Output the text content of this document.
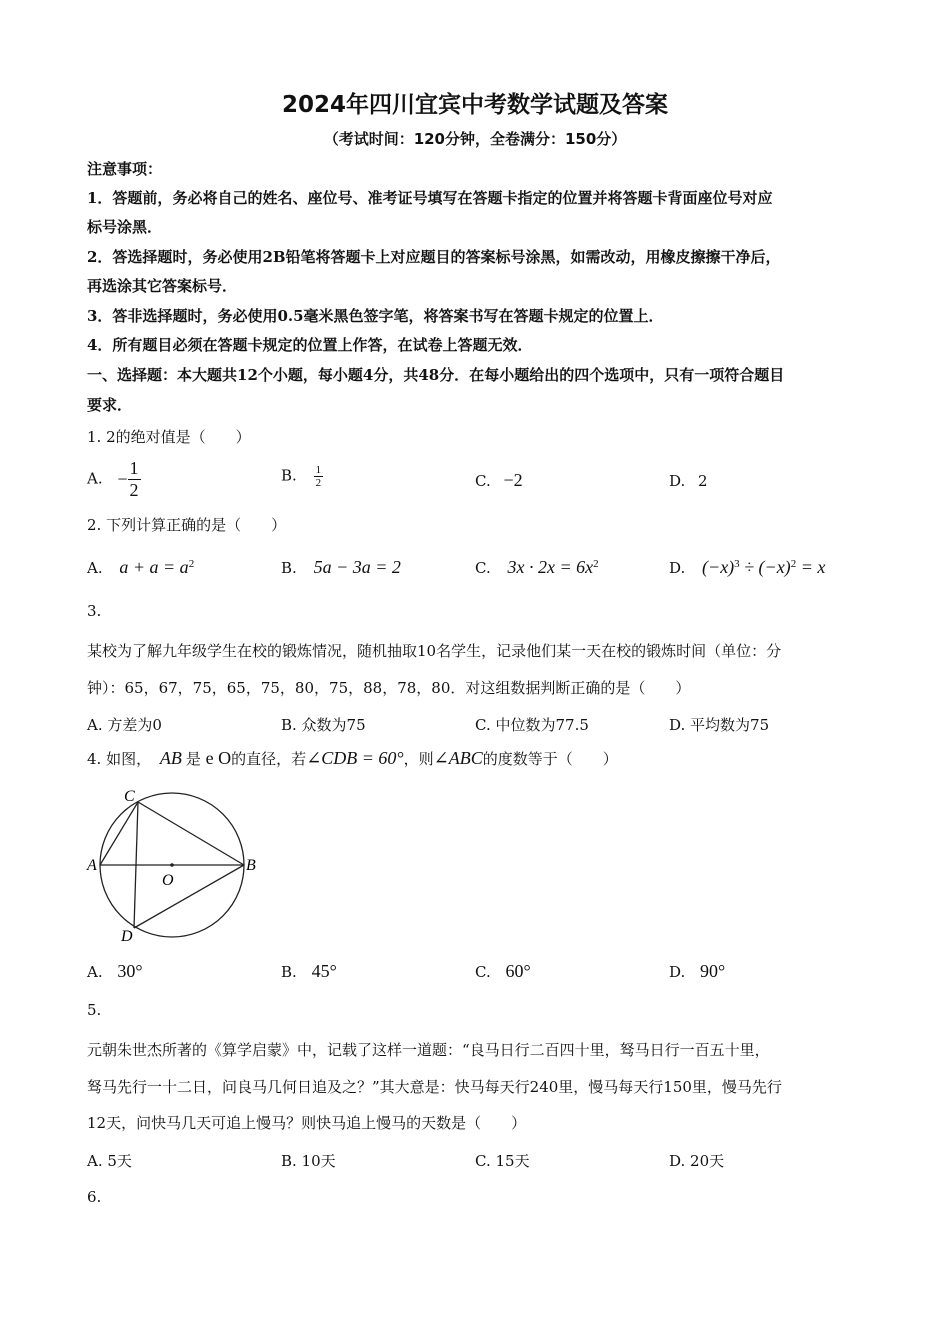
2024年四川宜宾中考数学试题及答案
（考试时间：120分钟，全卷满分：150分）
注意事项：
1．答题前，务必将自己的姓名、座位号、准考证号填写在答题卡指定的位置并将答题卡背面座位号对应
标号涂黑．
2．答选择题时，务必使用2B铅笔将答题卡上对应题目的答案标号涂黑，如需改动，用橡皮擦擦干净后，
再选涂其它答案标号．
3．答非选择题时，务必使用0.5毫米黑色签字笔，将答案书写在答题卡规定的位置上．
4．所有题目必须在答题卡规定的位置上作答，在试卷上答题无效．
一、选择题：本大题共12个小题，每小题4分，共48分．在每小题给出的四个选项中，只有一项符合题目
要求．
1. 2的绝对值是（　　）
A. − $\frac{1}{2}$	B. $\frac{1}{2}$	C. −2	D. 2
2. 下列计算正确的是（　　）
A. $a + a = a^2$	B. 5a − 3a = 2	C. $3x \cdot 2x = 6x^2$	D. $(-x)^3 \div (-x)^2 = x$
3.
某校为了解九年级学生在校的锻炼情况，随机抽取10名学生，记录他们某一天在校的锻炼时间（单位：分
钟）：65，67，75，65，75，80，75，88，78，80．对这组数据判断正确的是（　　）
A. 方差为0	B. 众数为75	C. 中位数为77.5	D. 平均数为75
4. 如图， AB 是 e O的直径，若∠CDB = 60°，则∠ABC的度数等于（　　）
C
A	B
O
D
A. 30°	B. 45°	C. 60°	D. 90°
5.
元朝朱世杰所著的《算学启蒙》中，记载了这样一道题：“良马日行二百四十里，驽马日行一百五十里，
驽马先行一十二日，问良马几何日追及之？”其大意是：快马每天行240里，慢马每天行150里，慢马先行
12天，问快马几天可追上慢马？则快马追上慢马的天数是（　　）
A. 5天	B. 10天	C. 15天	D. 20天
6.
